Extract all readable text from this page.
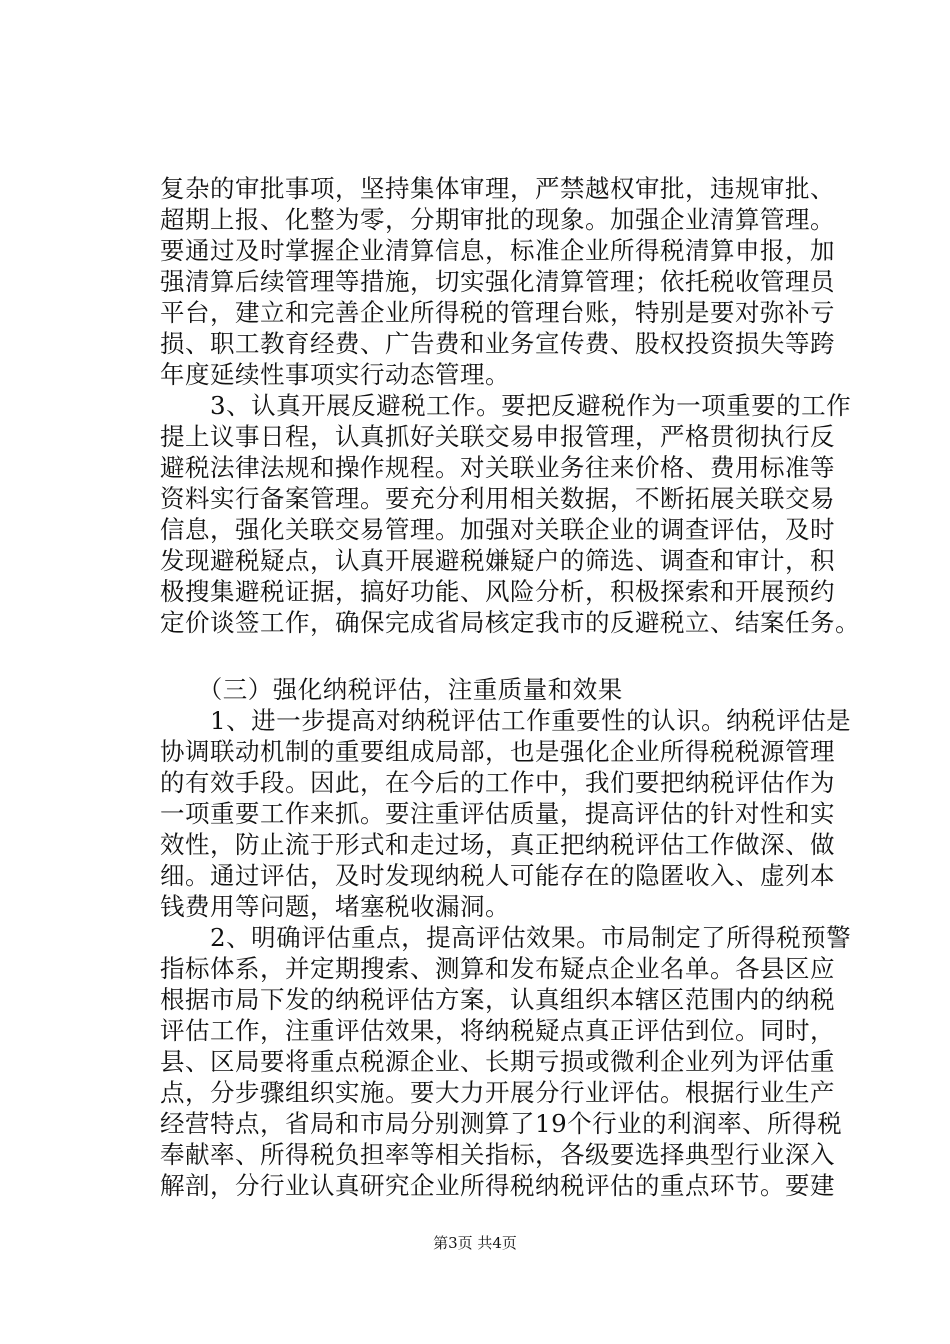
复杂的审批事项，坚持集体审理，严禁越权审批，违规审批、
超期上报、化整为零，分期审批的现象。加强企业清算管理。
要通过及时掌握企业清算信息，标准企业所得税清算申报，加
强清算后续管理等措施，切实强化清算管理；依托税收管理员
平台，建立和完善企业所得税的管理台账，特别是要对弥补亏
损、职工教育经费、广告费和业务宣传费、股权投资损失等跨
年度延续性事项实行动态管理。
　　3、认真开展反避税工作。要把反避税作为一项重要的工作
提上议事日程，认真抓好关联交易申报管理，严格贯彻执行反
避税法律法规和操作规程。对关联业务往来价格、费用标准等
资料实行备案管理。要充分利用相关数据，不断拓展关联交易
信息，强化关联交易管理。加强对关联企业的调查评估，及时
发现避税疑点，认真开展避税嫌疑户的筛选、调查和审计，积
极搜集避税证据，搞好功能、风险分析，积极探索和开展预约
定价谈签工作，确保完成省局核定我市的反避税立、结案任务。
　　（三）强化纳税评估，注重质量和效果
　　1、进一步提高对纳税评估工作重要性的认识。纳税评估是
协调联动机制的重要组成局部，也是强化企业所得税税源管理
的有效手段。因此，在今后的工作中，我们要把纳税评估作为
一项重要工作来抓。要注重评估质量，提高评估的针对性和实
效性，防止流于形式和走过场，真正把纳税评估工作做深、做
细。通过评估，及时发现纳税人可能存在的隐匿收入、虚列本
钱费用等问题，堵塞税收漏洞。
　　2、明确评估重点，提高评估效果。市局制定了所得税预警
指标体系，并定期搜索、测算和发布疑点企业名单。各县区应
根据市局下发的纳税评估方案，认真组织本辖区范围内的纳税
评估工作，注重评估效果，将纳税疑点真正评估到位。同时，
县、区局要将重点税源企业、长期亏损或微利企业列为评估重
点，分步骤组织实施。要大力开展分行业评估。根据行业生产
经营特点，省局和市局分别测算了19个行业的利润率、所得税
奉献率、所得税负担率等相关指标，各级要选择典型行业深入
解剖，分行业认真研究企业所得税纳税评估的重点环节。要建
第3页 共4页
